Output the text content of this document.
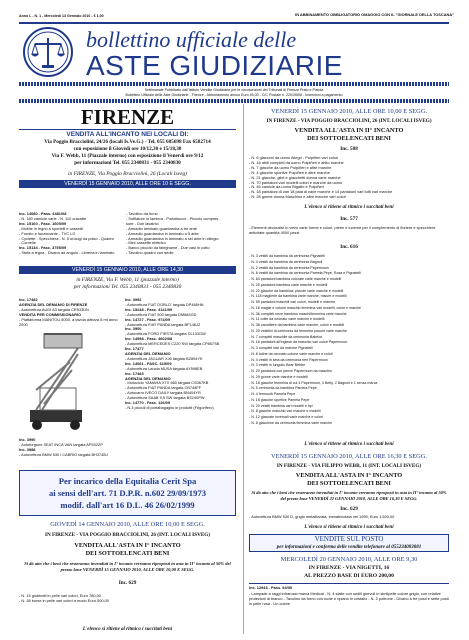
Anno L - N. 1 - Mercoledì 13 Gennaio 2010 - € 1,00	IN ABBINAMENTO OBBLIGATORIO OMAGGIO CON IL "GIORNALE DELLA TOSCANA"
bollettino ufficiale delle
ASTE GIUDIZIARIE
Settimanale Pubblicato dall'Istituto Vendite Giudiziarie per le circoscrizioni dei Tribunali di Firenze Prato e Pistoia
Bollettino Ufficiale delle Aste Giudiziarie - Firenze - Abbonamento annuo Euro 45,00 - C/C Postale n. 22019508 - Inserzioni a pagamento
FIRENZE
VENDITA ALL'INCANTO NEI LOCALI DI:
Via Poggio Bracciolini, 24/26 (locali Is.Ve.G.) - Tel. 055 685698 Fax 6582714
con esposizione il Giovedì ore 10/12,30 e 15/18,30
Via F. Webb, 11 (Piazzale interno) con esposizione il Venerdì ore 9/12
per informazioni Tel. 055 2340831 - 055 2340830
in FIRENZE, Via Poggio Bracciolini, 26 (Locali Isveg)
VENERDÌ 15 GENNAIO 2010, ALLE ORE 10 E SEGG.
Inc. 14080 - Pass. 4481/08
- N. 180 camicie varie - N. 110 cravatte
Inc. 15160 - Fasc. 1605/09
- Mobile in legno a sportelli e cassetti
- Fornito e funzionante - TVC LG
- Cyclette - Specchiera - N. 5 orologi da polso - Quadro
- Cornelle
Inc. 15134 - Fasc. 3755/09
- Stufa a legna - Divano ad angolo - Libreria in laminato
- Tavolino da fumo
- Soffiatore in lamiera - Portatrucco - Piccolo compres-
sore - Due lavatrici
- Armadio laminato guardaroba a tre ante
- Armadio guardaroba in laminato a 5 ante
- Armadio guardaroba in laminato a sei ante in ciliegio
- Mini cassette elettrico
- Banco piccolo da falegname - Due vasi in cotto
- Tavolino quadro con sedie
VENERDÌ 15 GENNAIO 2010, ALLE ORE 14,30
in FIRENZE, Via F. Webb, 11 (piazzale interno)
per informazioni Tel. 055 2340831 - 055 2340830
Inc. 17482
AGENZIA DEL DEMANIO DI FIRENZE
- Autovettura AUDI A3 targata CR533DN
VENDITA PER COMMISSIONARIO
- Piattaforma MANITOU 8000, a tavola altezza 8 mt anno 2000
Inc. 3992
- Autovettura FIAT DOBLO' targata DP488HN
Inc. 15248 - Fasc. 4141/09
- Autovettura FIAT 500 targata DM683GD
Inc. 14727 - Fasc. 974/09
- Autovettura FIAT PANDA targata BF148JZ
Inc. 3900
- Autovettura FORD FIESTA targata DL133GW
Inc. 14598 - Fasc. 4602/08
- Autovettura MERCEDES C220 SW targata CP857SB
Inc. 17477
AGENZIA DEL DEMANIO
- Autovettura JAGUAR XJ6 targata BZ894YE
Inc. 14061 - FASC. 619/09
- Autovettura Lancia MUSA targata AY598EB
Inc. 17483
AGENZIA DEL DEMANIO
- Motociclo YAMAHA XTX 660 targata CS067KB
- Autovettura FIAT PANDA targata CB748FF
- Autocarro IVECO DAILY targata BN404YR
- Autovettura SAAB 9,5 SW targata BS240PW
Inc. 14770 - Fasc. 126/09
- N.3 piccoli di portabagaglio in prodotti (Frigorifero)
Inc. 3990
- Autofurgone SEAT INCA VAN targata AP532ZP
Inc. 3988
- Autovettura BMW 530 i CABRIO targata BH374BJ
Per incarico della Equitalia Cerit Spa
ai sensi dell'art. 71 D.P.R. n.602 29/09/1973
modif. dall'art 16 D.L. 46 26/02/1999
GIOVEDÌ 14 GENNAIO 2010, ALLE ORE 10,00 E SEGG.
IN FIRENZE - VIA POGGIO BRACCIOLINI, 26 (INT. LOCALI ISVEG)
VENDITA ALL'ASTA IN I° INCANTO
DEI SOTTOELENCATI BENI
Si dà atto che i beni che resteranno invenduti in I° incanto verranno riproposti in asta in II° incanto al 50% del prezzo base VENERDÌ 15 GENNAIO 2010, ALLE ORE 10,00 E SEGG.
Inc. 629
- N. 15 giubbotti in pelle vari colori, Euro 780,00
- N. 38 borse in pelle vari colori a modo Euro 500,00
L'elenco si ritiene al ritmico i succitati beni
VENERDÌ 15 GENNAIO 2010, ALLE ORE 10,00 E SEGG.
IN FIRENZE - VIA POGGIO BRACCIOLINI, 26 (INT. LOCALI ISVEG)
VENDITA ALL'ASTA IN II° INCANTO
DEI SOTTOELENCATI BENI
Inc. 588
- N. 6 giacconi da uomo Allegri - Polpiñeri vari colori
- N. 16 abiti completi da uomo Polpiñeri e abito marche
- N. 7 giacche da uomo Polpiñeri e altre marche
- N. 4 giacche sportive Polpiñeri e altre marche
- N. 21 giacche, gilet e giacchetti donna varie marche
- N. 70 pantaloni vari modelli colori e marche da uomo
- N. 45 camicie da uomo Bigatto e Polpiñeri
- N. 18 pantaloni di vari 18 paia di varie marche e 14 pantaloni vari tutti vari marche
- N. 28 gonne donna Maschino e altre marche vari colori
L'elenco si ritiene al ritmico i succitati beni
Inc. 577
- Elementi decorativi in vetro varie forme e colori, pietre e lucerne per il complemento di fioriere e specchiere anticitate quantità 4000 pezzi
Inc. 616
- N. 3 vestiti da bambina da cerimonia Pignatelli
- N. 4 vestiti da bambina da cerimonia Bagnoli
- N. 2 vestiti da bambina da cerimonia Papermoon
- N. 6 vestiti da bambina da cerimonia Pamela Pepe, Rosa e Pignatelli
- N. 64 pantaloni bambina colorate varie marche e modelli
- N. 25 pantaloni bambina varie marche e modelli
- N. 22 giacche da bambina; piccole varie marche e modelli
- N. 118 maglierie da bambina varie marche, misure e modelli
- N. 55 pantaloni maschili vari colori, modelli e marche
- N. 18 maglie e cotone maschio femmina vari modelli, colori e marche
- N. 36 completi neve bambino maschi/femmina varie marche
- N. 11 cotte da neonato varie marche e modelli
- N. 38 canottiere da bambina varie marche, colori e modelli
- N. 20 vestitini di cerimonia da femmina piccole varie marche
- N. 7 completi maschile da cerimonia Babelot
- N. 18 pantaloni all'inglese da maschio vari colori Papermoon
- N. 3 completi kiwi da marche Pignatelli
- N. 8 tutine da neonato cotone varie marche e colori
- N. 4 vestiti in seta da cerimonia neri Papermoon
- N. 3 vestiti in lungoliu Bear Bebbe
- N. 20 pantaloni con pence Papermoon da maschio
- N. 29 gonne varie marche e modelli
- N. 16 giacche femmina di cui 4 Papermoon, 3 Betty, 2 Bagnoli e 1 senza marca
- N. 5 cerimonia da bambina Pamela Pepe
- N. 4 fermoulà Pamela Pepe
- N. 18 giacche sportive Pamela Pepe
- N. 20 vestiti bambina vari modelli e tipi
- N. 8 giacche maschio vari marche e modelli
- N. 12 giaccate invernali varie marche e colori
- N. 6 giacchine da cerimonia femmina varie marche
L'elenco si ritiene al ritmico i succitati beni
VENERDÌ 15 GENNAIO 2010, ALLE ORE 16,30 E SEGG.
IN FIRENZE - VIA FILIPPO WEBB, 11 (INT. LOCALI ISVEG)
VENDITA ALL'ASTA IN I° INCANTO
DEI SOTTOELENCATI BENI
Si dà atto che i beni che resteranno invenduti in I° incanto verranno riproposti in asta in II° incanto al 50% del prezzo base VENERDÌ 22 GENNAIO 2010, ALLE ORE 16,30 E SEGG.
Inc. 629
- Autovettura BMW 530 D, grigio metallizzata, immatricolata nel 1999, Euro 1.500,00
L'elenco si ritiene al ritmico i succitati beni
VENDITE SUL POSTO
per informazioni e conferma delle vendite telefonare al 055234083081
MERCOLEDÌ 20 GENNAIO 2010, ALLE ORE 9,30
IN FIRENZE - VIA NIGETTI, 16
AL PREZZO BASE DI EURO 200,00
Inc. 12943 - Pass. 94/09
- Lampade a raggi infrarossi marca Medical - N. 4 stalle con sedili girevoli in similpelle colore grigio, con relative protezioni di bianco - Tavolino da forno con ruote e ripiano in cristallo - N. 2 poltrone - Divano a tre posti e sette posti in pelle rosa - Un colore
